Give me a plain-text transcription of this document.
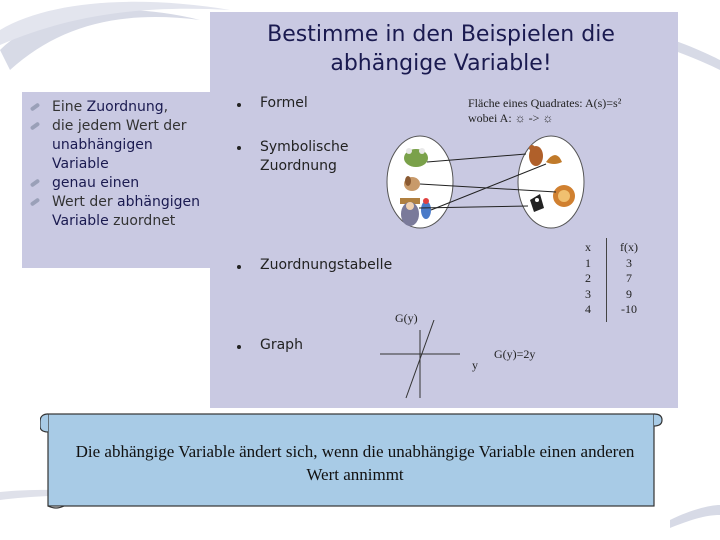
Bestimme in den Beispielen die abhängige Variable!
Eine Zuordnung,
die jedem Wert der unabhängigen Variable
genau einen
Wert der abhängigen Variable zuordnet
Formel
Symbolische Zuordnung
Zuordnungstabelle
Graph
Fläche eines Quadrates: A(s)=s²
wobei A: ☼ -> ☼
x
1
2
3
4
f(x)
3
7
9
-10
G(y)
y
G(y)=2y
Die abhängige Variable ändert sich, wenn die unabhängige Variable einen anderen Wert annimmt
